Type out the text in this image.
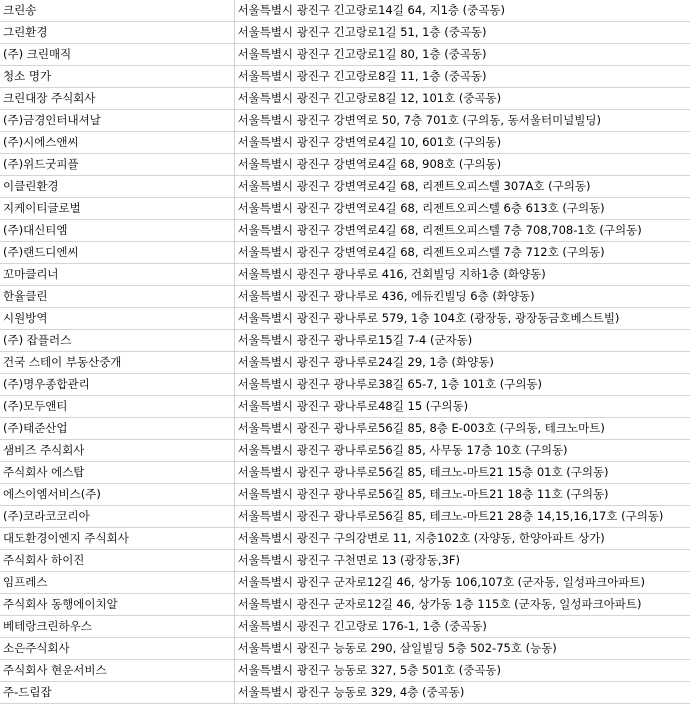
크린송	서울특별시 광진구 긴고랑로14길 64, 지1층 (중곡동)
그린환경	서울특별시 광진구 긴고랑로1길 51, 1층 (중곡동)
(주) 크린매직	서울특별시 광진구 긴고랑로1길 80, 1층 (중곡동)
청소 명가	서울특별시 광진구 긴고랑로8길 11, 1층 (중곡동)
크린대장 주식회사	서울특별시 광진구 긴고랑로8길 12, 101호 (중곡동)
(주)금경인터내셔날	서울특별시 광진구 강변역로 50, 7층 701호 (구의동, 동서울터미널빌딩)
(주)시에스앤씨	서울특별시 광진구 강변역로4길 10, 601호 (구의동)
(주)위드굿피플	서울특별시 광진구 강변역로4길 68, 908호 (구의동)
이클린환경	서울특별시 광진구 강변역로4길 68, 리젠트오피스텔 307A호 (구의동)
지케이티글로벌	서울특별시 광진구 강변역로4길 68, 리젠트오피스텔 6층 613호 (구의동)
(주)대신티엠	서울특별시 광진구 강변역로4길 68, 리젠트오피스텔 7층 708,708-1호 (구의동)
(주)랜드디엔씨	서울특별시 광진구 강변역로4길 68, 리젠트오피스텔 7층 712호 (구의동)
꼬마클리너	서울특별시 광진구 광나루로 416, 건회빌딩 지하1층 (화양동)
한율클린	서울특별시 광진구 광나루로 436, 에듀킨빌딩 6층 (화양동)
시원방역	서울특별시 광진구 광나루로 579, 1층 104호 (광장동, 광장동금호베스트빌)
(주) 잡플러스	서울특별시 광진구 광나루로15길 7-4 (군자동)
건국 스테이 부동산중개	서울특별시 광진구 광나루로24길 29, 1층 (화양동)
(주)명우종합관리	서울특별시 광진구 광나루로38길 65-7, 1층 101호 (구의동)
(주)모두앤티	서울특별시 광진구 광나루로48길 15 (구의동)
(주)태준산업	서울특별시 광진구 광나루로56길 85, 8층 E-003호 (구의동, 테크노마트)
샘비즈 주식회사	서울특별시 광진구 광나루로56길 85, 사무동 17층 10호 (구의동)
주식회사 에스탑	서울특별시 광진구 광나루로56길 85, 테크노-마트21 15층 01호 (구의동)
에스이엠서비스(주)	서울특별시 광진구 광나루로56길 85, 테크노-마트21 18층 11호 (구의동)
(주)코라코코리아	서울특별시 광진구 광나루로56길 85, 테크노-마트21 28층 14,15,16,17호 (구의동)
대도환경이엔지 주식회사	서울특별시 광진구 구의강변로 11, 지층102호 (자양동, 한양아파트 상가)
주식회사 하이진	서울특별시 광진구 구천면로 13 (광장동,3F)
임프레스	서울특별시 광진구 군자로12길 46, 상가동 106,107호 (군자동, 일성파크아파트)
주식회사 동행에이치알	서울특별시 광진구 군자로12길 46, 상가동 1층 115호 (군자동, 일성파크아파트)
베테랑크린하우스	서울특별시 광진구 긴고랑로 176-1, 1층 (중곡동)
소은주식회사	서울특별시 광진구 능동로 290, 삼일빌딩 5층 502-75호 (능동)
주식회사 현운서비스	서울특별시 광진구 능동로 327, 5층 501호 (중곡동)
주-드림잡	서울특별시 광진구 능동로 329, 4층 (중곡동)
